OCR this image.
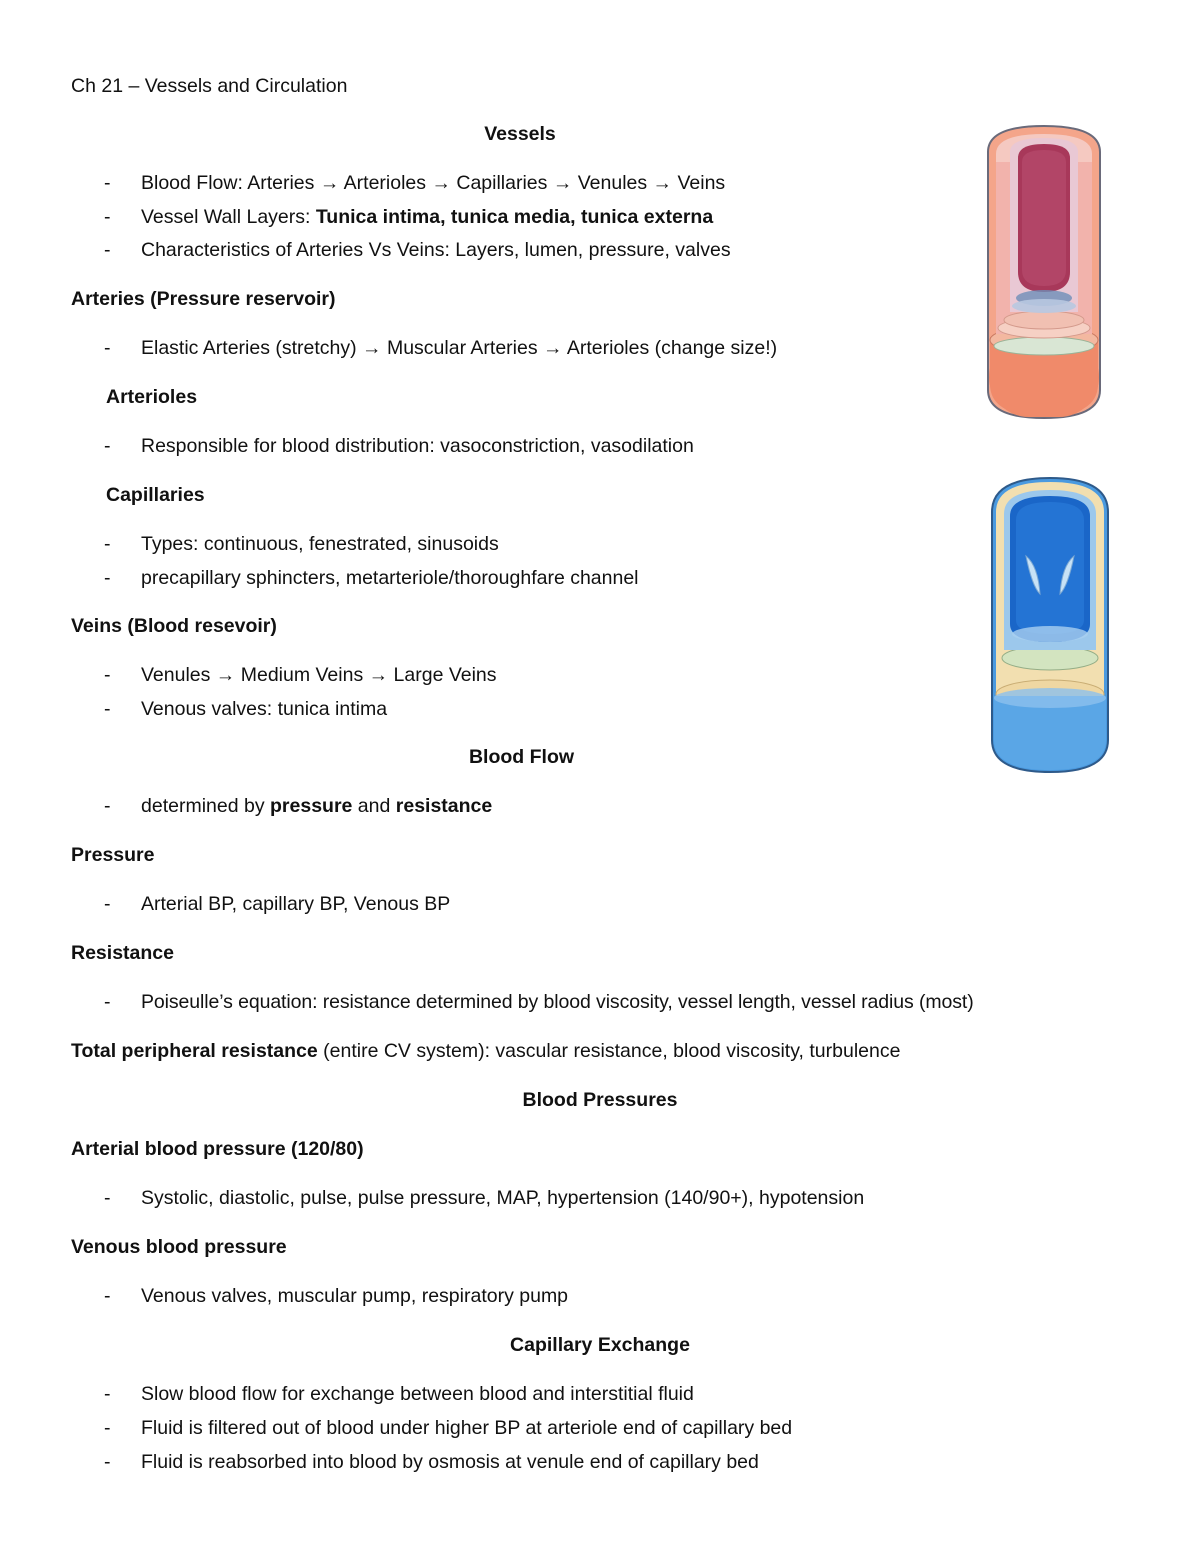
Ch 21 – Vessels and Circulation
Vessels
- Blood Flow: Arteries → Arterioles → Capillaries → Venules → Veins
- Vessel Wall Layers: Tunica intima, tunica media, tunica externa
- Characteristics of Arteries Vs Veins: Layers, lumen, pressure, valves
Arteries (Pressure reservoir)
- Elastic Arteries (stretchy) → Muscular Arteries → Arterioles (change size!)
Arterioles
- Responsible for blood distribution: vasoconstriction, vasodilation
Capillaries
- Types: continuous, fenestrated, sinusoids
- precapillary sphincters, metarteriole/thoroughfare channel
Veins (Blood resevoir)
- Venules → Medium Veins → Large Veins
- Venous valves: tunica intima
Blood Flow
- determined by pressure and resistance
Pressure
- Arterial BP, capillary BP, Venous BP
Resistance
- Poiseulle’s equation: resistance determined by blood viscosity, vessel length, vessel radius (most)
Total peripheral resistance (entire CV system): vascular resistance, blood viscosity, turbulence
Blood Pressures
Arterial blood pressure (120/80)
- Systolic, diastolic, pulse, pulse pressure, MAP, hypertension (140/90+), hypotension
Venous blood pressure
- Venous valves, muscular pump, respiratory pump
Capillary Exchange
- Slow blood flow for exchange between blood and interstitial fluid
- Fluid is filtered out of blood under higher BP at arteriole end of capillary bed
- Fluid is reabsorbed into blood by osmosis at venule end of capillary bed
